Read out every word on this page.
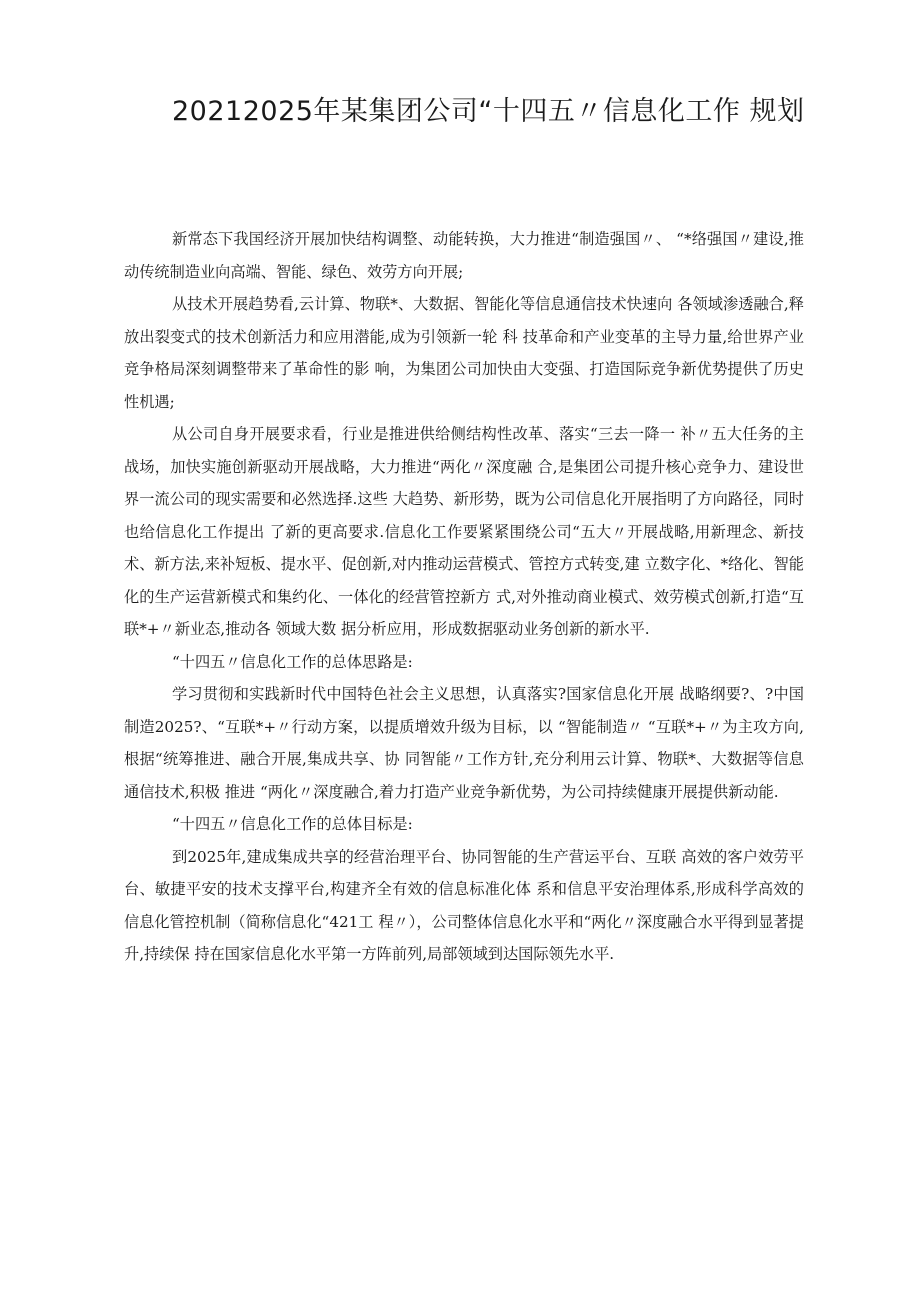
20212025年某集团公司“十四五〃信息化工作 规划

新常态下我国经济开展加快结构调整、动能转换，大力推进“制造强国〃、 “*络强国〃建设,推动传统制造业向高端、智能、绿色、效劳方向开展;

从技术开展趋势看,云计算、物联*、大数据、智能化等信息通信技术快速向 各领域渗透融合,释放出裂变式的技术创新活力和应用潜能,成为引领新一轮 科 技革命和产业变革的主导力量,给世界产业竞争格局深刻调整带来了革命性的影 响，为集团公司加快由大变强、打造国际竞争新优势提供了历史性机遇;

从公司自身开展要求看，行业是推进供给侧结构性改革、落实“三去一降一 补〃五大任务的主战场，加快实施创新驱动开展战略，大力推进“两化〃深度融 合,是集团公司提升核心竞争力、建设世界一流公司的现实需要和必然选择.这些 大趋势、新形势，既为公司信息化开展指明了方向路径，同时也给信息化工作提出 了新的更高要求.信息化工作要紧紧围绕公司“五大〃开展战略,用新理念、新技 术、新方法,来补短板、提水平、促创新,对内推动运营模式、管控方式转变,建 立数字化、*络化、智能化的生产运营新模式和集约化、一体化的经营管控新方 式,对外推动商业模式、效劳模式创新,打造“互联*+〃新业态,推动各 领域大数 据分析应用，形成数据驱动业务创新的新水平.

“十四五〃信息化工作的总体思路是:

学习贯彻和实践新时代中国特色社会主义思想，认真落实?国家信息化开展 战略纲要?、?中国制造2025?、“互联*+〃行动方案，以提质增效升级为目标，以 “智能制造〃 “互联*+〃为主攻方向,根据“统筹推进、融合开展,集成共享、协 同智能〃工作方针,充分利用云计算、物联*、大数据等信息通信技术,积极 推进 “两化〃深度融合,着力打造产业竞争新优势，为公司持续健康开展提供新动能.

“十四五〃信息化工作的总体目标是:

到2025年,建成集成共享的经营治理平台、协同智能的生产营运平台、互联 高效的客户效劳平台、敏捷平安的技术支撑平台,构建齐全有效的信息标准化体 系和信息平安治理体系,形成科学高效的信息化管控机制（简称信息化“421工 程〃），公司整体信息化水平和“两化〃深度融合水平得到显著提升,持续保 持在国家信息化水平第一方阵前列,局部领域到达国际领先水平.
